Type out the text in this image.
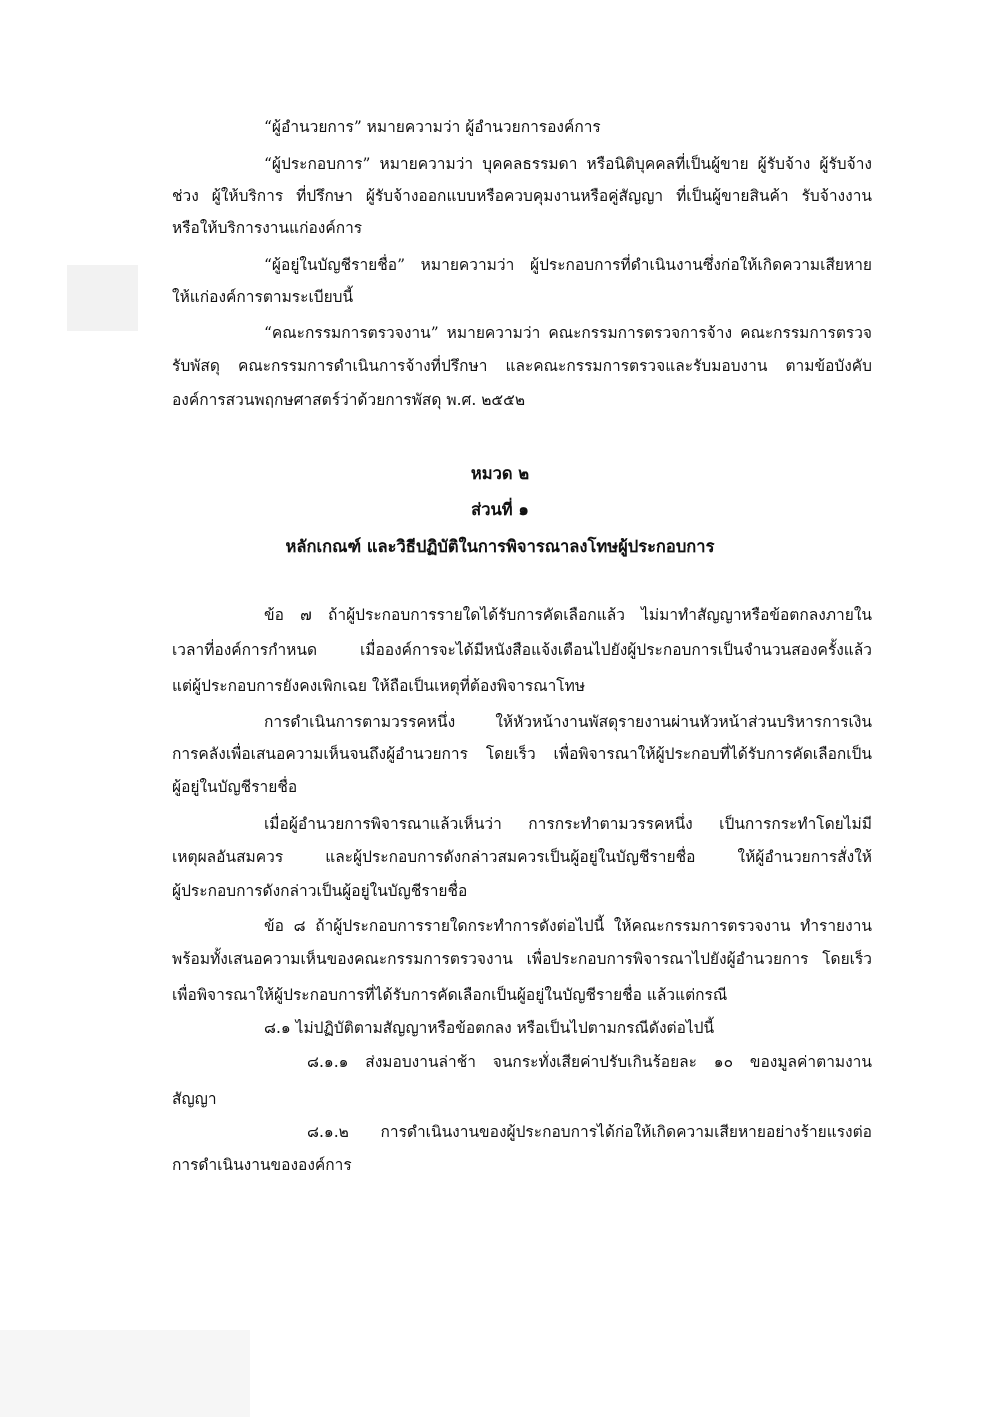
“ผู้อำนวยการ” หมายความว่า ผู้อำนวยการองค์การ
“ผู้ประกอบการ” หมายความว่า บุคคลธรรมดา หรือนิติบุคคลที่เป็นผู้ขาย ผู้รับจ้าง ผู้รับจ้าง
ช่วง ผู้ให้บริการ ที่ปรึกษา ผู้รับจ้างออกแบบหรือควบคุมงานหรือคู่สัญญา ที่เป็นผู้ขายสินค้า รับจ้างงาน
หรือให้บริการงานแก่องค์การ
“ผู้อยู่ในบัญชีรายชื่อ” หมายความว่า ผู้ประกอบการที่ดำเนินงานซึ่งก่อให้เกิดความเสียหาย
ให้แก่องค์การตามระเบียบนี้
“คณะกรรมการตรวจงาน” หมายความว่า คณะกรรมการตรวจการจ้าง คณะกรรมการตรวจ
รับพัสดุ คณะกรรมการดำเนินการจ้างที่ปรึกษา และคณะกรรมการตรวจและรับมอบงาน ตามข้อบังคับ
องค์การสวนพฤกษศาสตร์ว่าด้วยการพัสดุ พ.ศ. ๒๕๕๒
หมวด ๒
ส่วนที่ ๑
หลักเกณฑ์ และวิธีปฏิบัติในการพิจารณาลงโทษผู้ประกอบการ
ข้อ ๗ ถ้าผู้ประกอบการรายใดได้รับการคัดเลือกแล้ว ไม่มาทำสัญญาหรือข้อตกลงภายใน
เวลาที่องค์การกำหนด เมื่อองค์การจะได้มีหนังสือแจ้งเตือนไปยังผู้ประกอบการเป็นจำนวนสองครั้งแล้ว
แต่ผู้ประกอบการยังคงเพิกเฉย ให้ถือเป็นเหตุที่ต้องพิจารณาโทษ
การดำเนินการตามวรรคหนึ่ง ให้หัวหน้างานพัสดุรายงานผ่านหัวหน้าส่วนบริหารการเงิน
การคลังเพื่อเสนอความเห็นจนถึงผู้อำนวยการ โดยเร็ว เพื่อพิจารณาให้ผู้ประกอบที่ได้รับการคัดเลือกเป็น
ผู้อยู่ในบัญชีรายชื่อ
เมื่อผู้อำนวยการพิจารณาแล้วเห็นว่า การกระทำตามวรรคหนึ่ง เป็นการกระทำโดยไม่มี
เหตุผลอันสมควร และผู้ประกอบการดังกล่าวสมควรเป็นผู้อยู่ในบัญชีรายชื่อ ให้ผู้อำนวยการสั่งให้
ผู้ประกอบการดังกล่าวเป็นผู้อยู่ในบัญชีรายชื่อ
ข้อ ๘ ถ้าผู้ประกอบการรายใดกระทำการดังต่อไปนี้ ให้คณะกรรมการตรวจงาน ทำรายงาน
พร้อมทั้งเสนอความเห็นของคณะกรรมการตรวจงาน เพื่อประกอบการพิจารณาไปยังผู้อำนวยการ โดยเร็ว
เพื่อพิจารณาให้ผู้ประกอบการที่ได้รับการคัดเลือกเป็นผู้อยู่ในบัญชีรายชื่อ แล้วแต่กรณี
๘.๑ ไม่ปฏิบัติตามสัญญาหรือข้อตกลง หรือเป็นไปตามกรณีดังต่อไปนี้
๘.๑.๑ ส่งมอบงานล่าช้า จนกระทั่งเสียค่าปรับเกินร้อยละ ๑๐ ของมูลค่าตามงาน
สัญญา
๘.๑.๒ การดำเนินงานของผู้ประกอบการได้ก่อให้เกิดความเสียหายอย่างร้ายแรงต่อ
การดำเนินงานขององค์การ
